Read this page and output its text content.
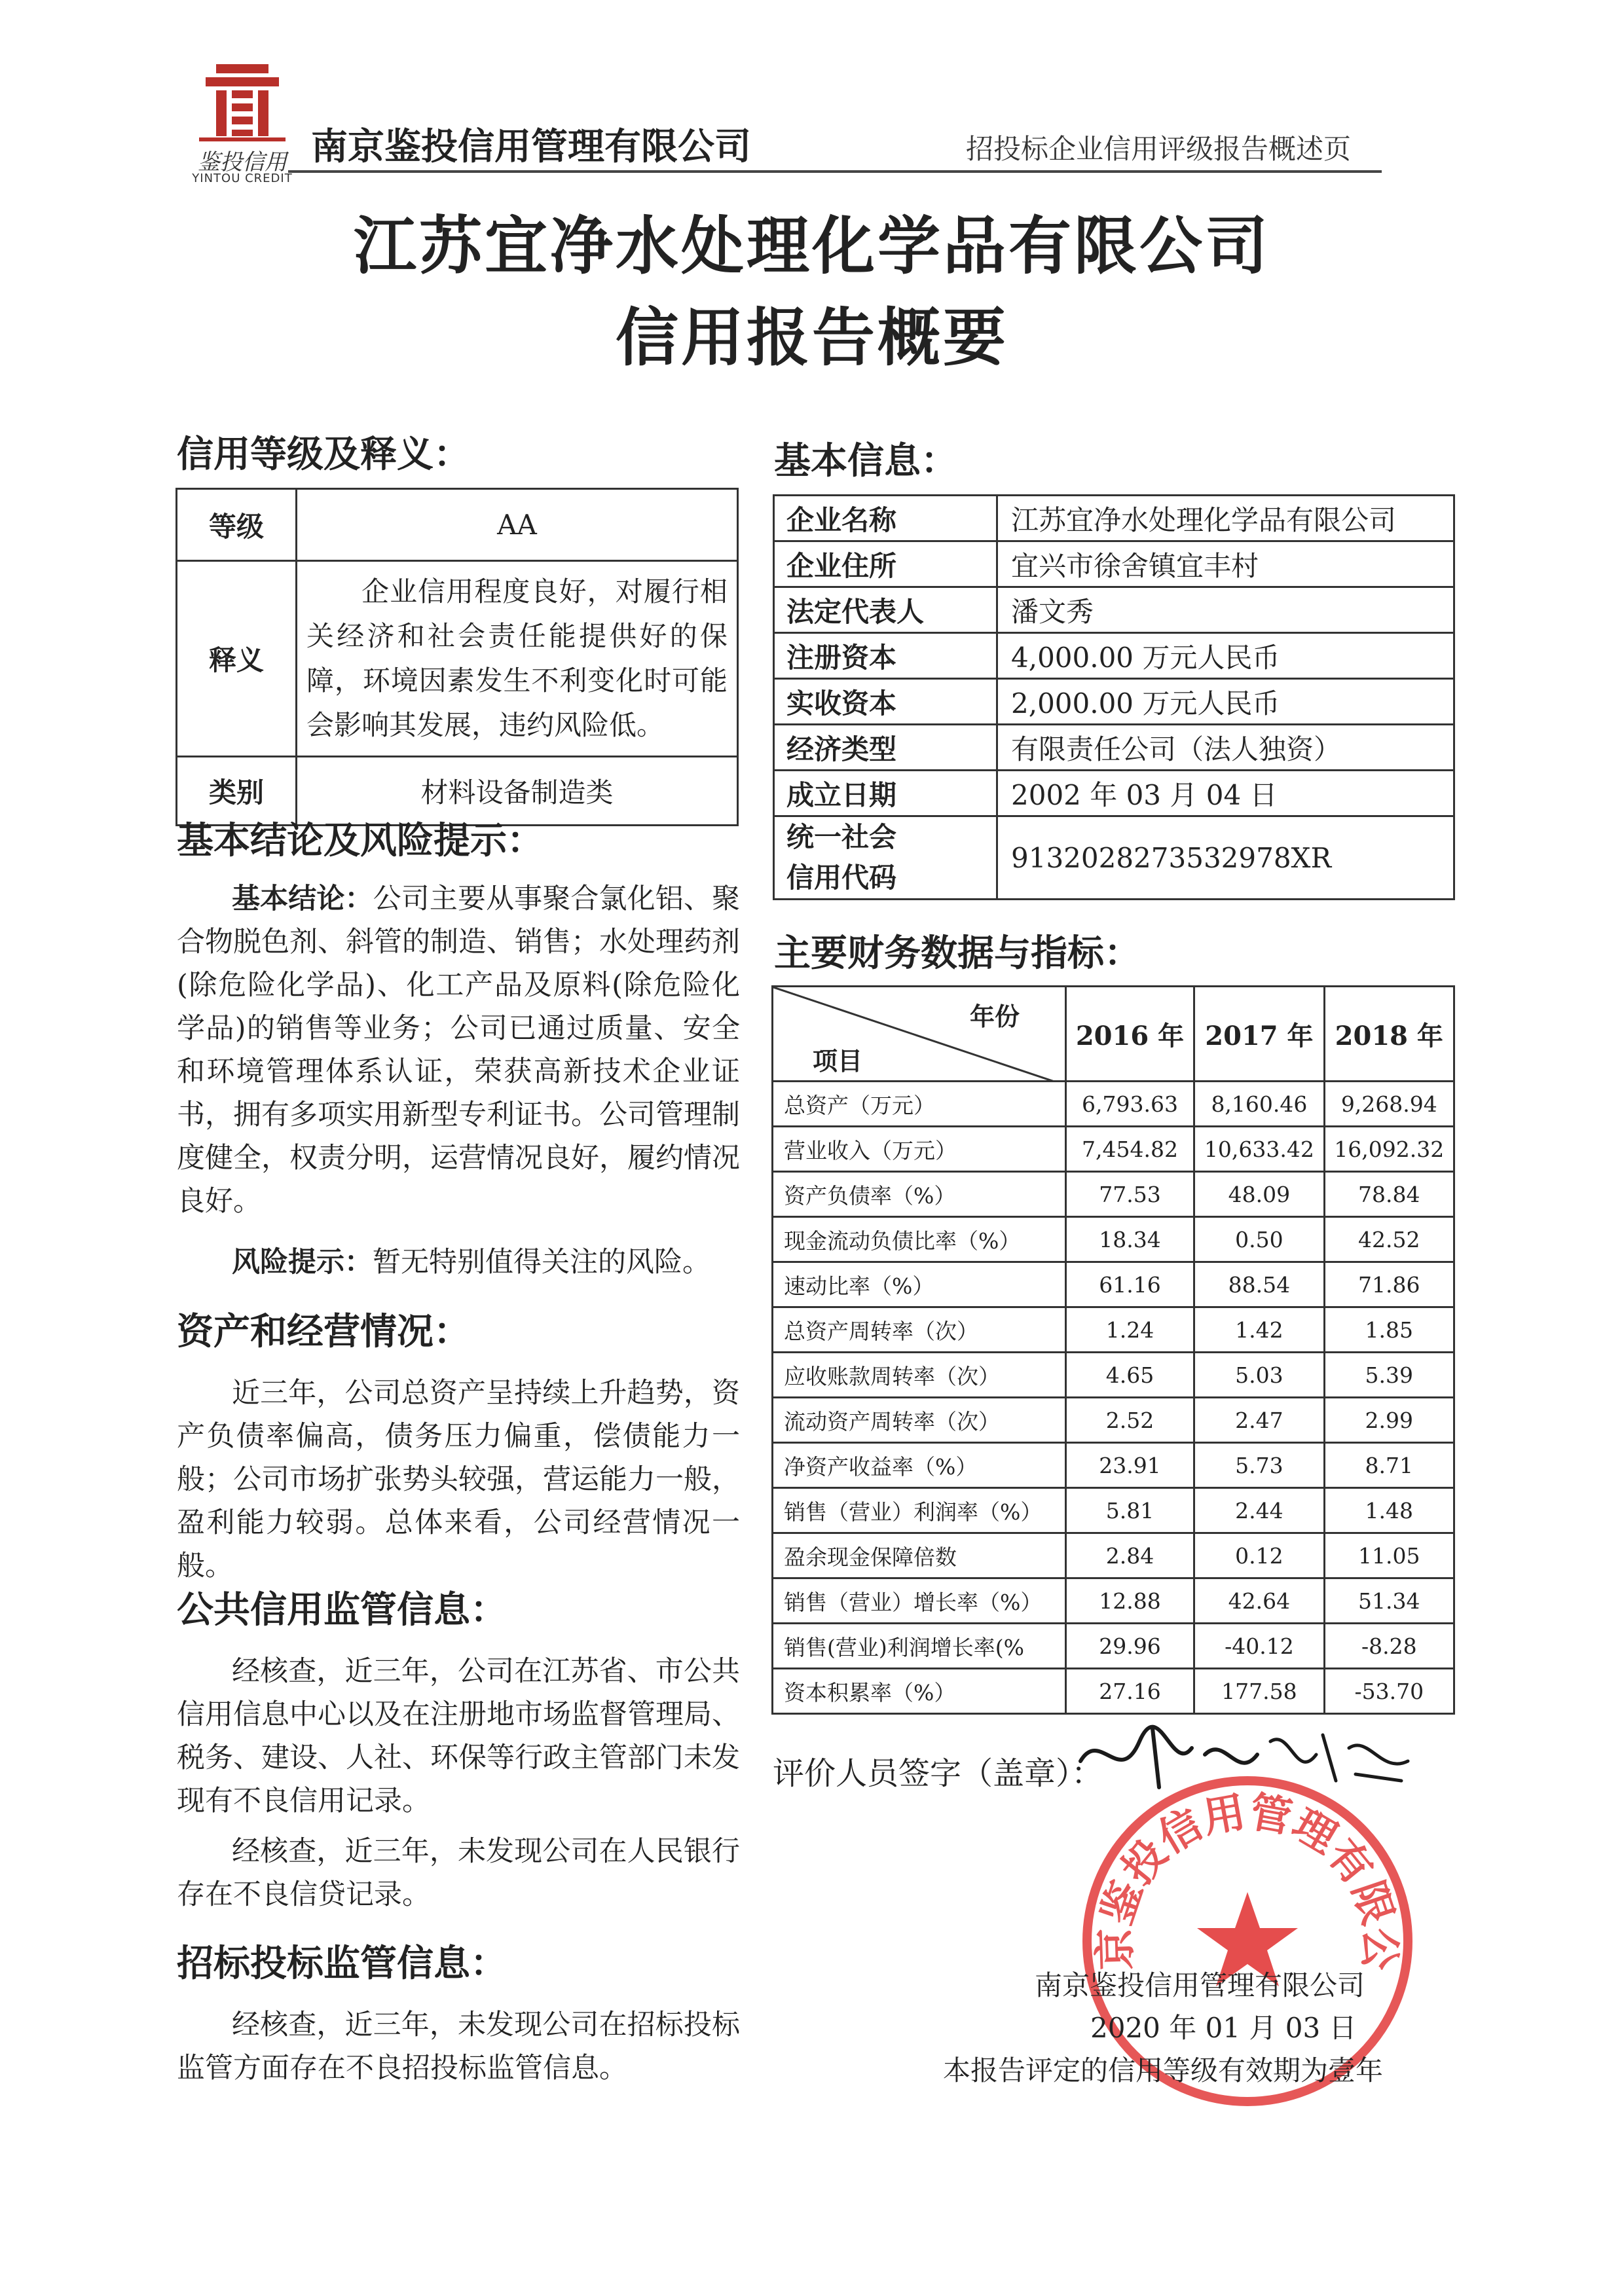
鉴投信用
YINTOU CREDIT
南京鉴投信用管理有限公司	招投标企业信用评级报告概述页
江苏宜净水处理化学品有限公司
信用报告概要
信用等级及释义：
等级	AA
释义	企业信用程度良好，对履行相关经济和社会责任能提供好的保障，环境因素发生不利变化时可能会影响其发展，违约风险低。
类别	材料设备制造类
基本结论及风险提示：
基本结论：公司主要从事聚合氯化铝、聚合物脱色剂、斜管的制造、销售；水处理药剂(除危险化学品)、化工产品及原料(除危险化学品)的销售等业务；公司已通过质量、安全和环境管理体系认证，荣获高新技术企业证书，拥有多项实用新型专利证书。公司管理制度健全，权责分明，运营情况良好，履约情况良好。
风险提示：暂无特别值得关注的风险。
资产和经营情况：
近三年，公司总资产呈持续上升趋势，资产负债率偏高，债务压力偏重，偿债能力一般；公司市场扩张势头较强，营运能力一般，盈利能力较弱。总体来看，公司经营情况一般。
公共信用监管信息：
经核查，近三年，公司在江苏省、市公共信用信息中心以及在注册地市场监督管理局、税务、建设、人社、环保等行政主管部门未发现有不良信用记录。
经核查，近三年，未发现公司在人民银行存在不良信贷记录。
招标投标监管信息：
经核查，近三年，未发现公司在招标投标监管方面存在不良招投标监管信息。
基本信息：
企业名称	江苏宜净水处理化学品有限公司
企业住所	宜兴市徐舍镇宜丰村
法定代表人	潘文秀
注册资本	4,000.00 万元人民币
实收资本	2,000.00 万元人民币
经济类型	有限责任公司（法人独资）
成立日期	2002 年 03 月 04 日

统一社会
信用代码	9132028273532978XR
主要财务数据与指标：
年份
项目	2016 年	2017 年	2018 年
总资产（万元）	6,793.63	8,160.46	9,268.94
营业收入（万元）	7,454.82	10,633.42	16,092.32
资产负债率（%）	77.53	48.09	78.84
现金流动负债比率（%）	18.34	0.50	42.52
速动比率（%）	61.16	88.54	71.86
总资产周转率（次）	1.24	1.42	1.85
应收账款周转率（次）	4.65	5.03	5.39
流动资产周转率（次）	2.52	2.47	2.99
净资产收益率（%）	23.91	5.73	8.71
销售（营业）利润率（%）	5.81	2.44	1.48
盈余现金保障倍数	2.84	0.12	11.05
销售（营业）增长率（%）	12.88	42.64	51.34
销售(营业)利润增长率(%	29.96	-40.12	-8.28
资本积累率（%）	27.16	177.58	-53.70
评价人员签字（盖章）：
京鉴投信用管理有限公
南京鉴投信用管理有限公司
2020 年 01 月 03 日
本报告评定的信用等级有效期为壹年
